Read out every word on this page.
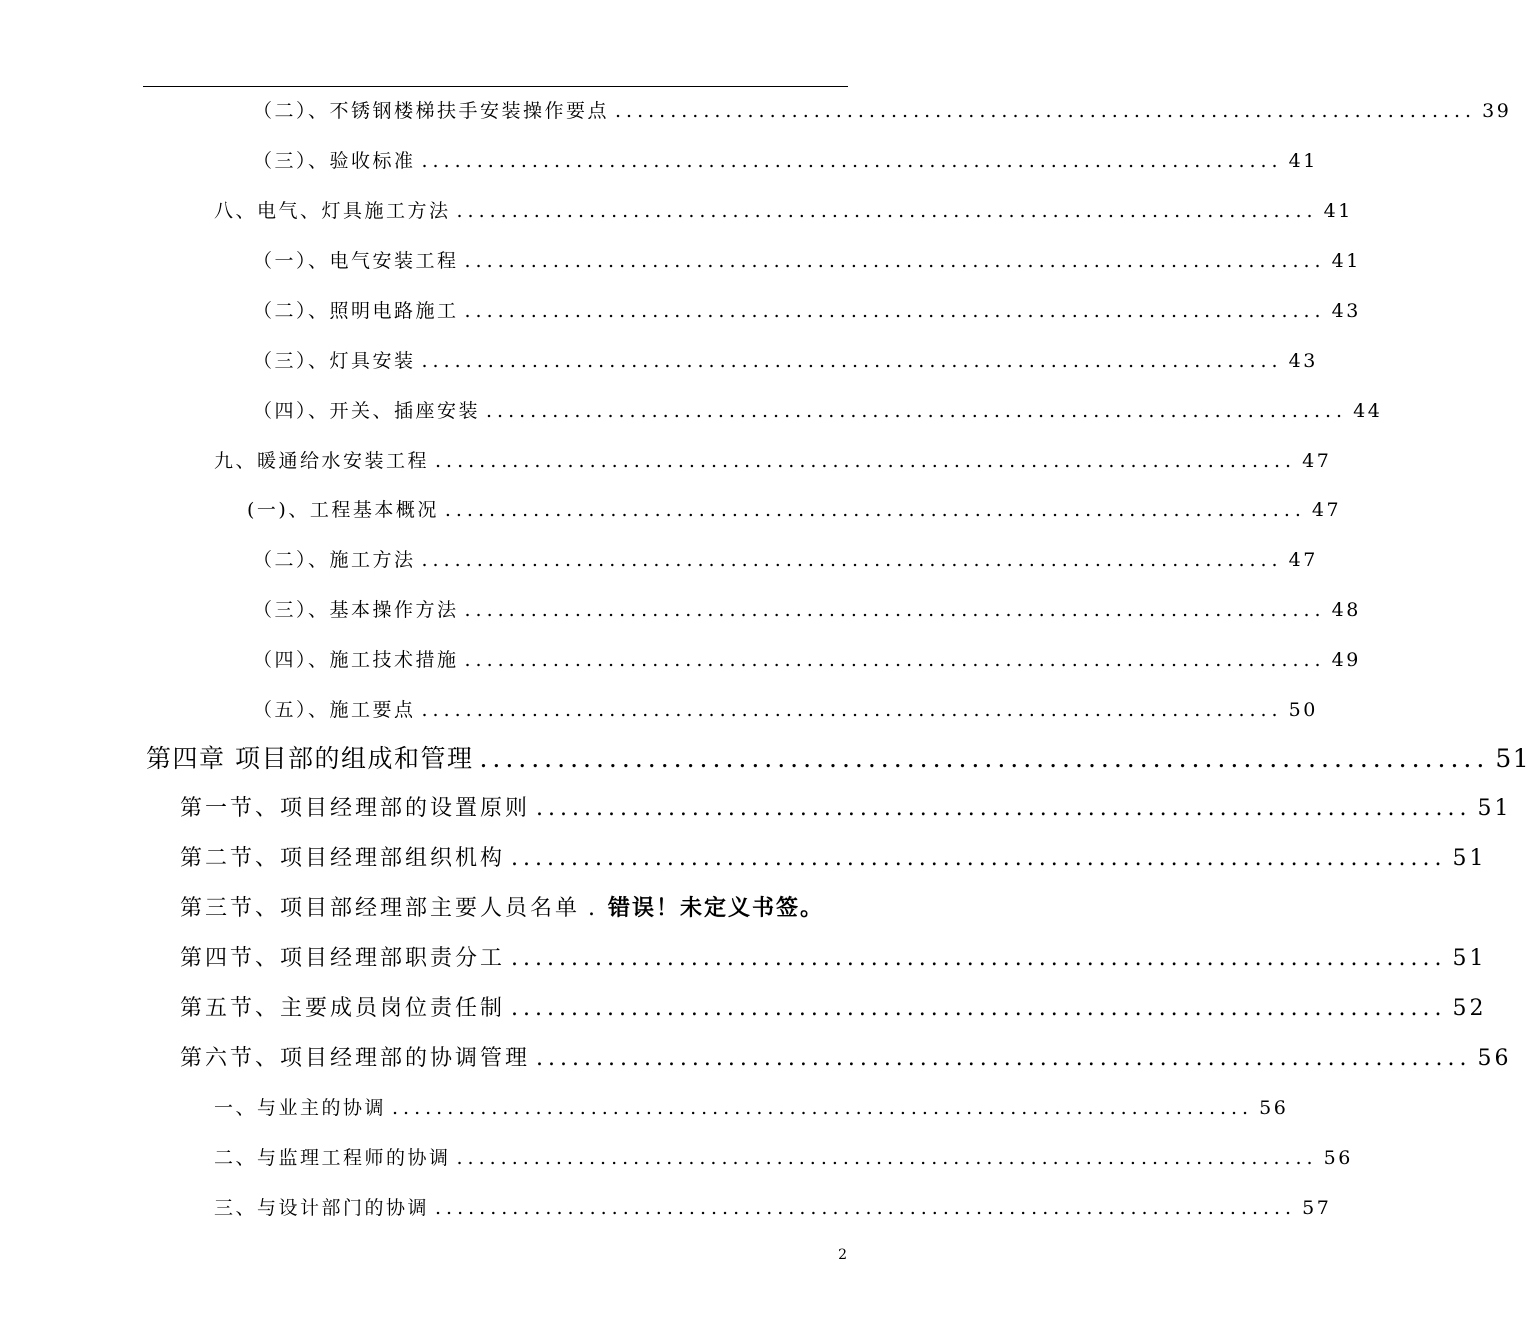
（二）、不锈钢楼梯扶手安装操作要点 .............................................................................. 39
（三）、验收标准 .............................................................................. 41
八、电气、灯具施工方法 .............................................................................. 41
（一）、电气安装工程 .............................................................................. 41
（二）、照明电路施工 .............................................................................. 43
（三）、灯具安装 .............................................................................. 43
（四）、开关、插座安装 .............................................................................. 44
九、暖通给水安装工程 .............................................................................. 47
(一)、工程基本概况 .............................................................................. 47
（二）、施工方法 .............................................................................. 47
（三）、基本操作方法 .............................................................................. 48
（四）、施工技术措施 .............................................................................. 49
（五）、施工要点 .............................................................................. 50
第四章 项目部的组成和管理 .............................................................................. 51
第一节、项目经理部的设置原则 .............................................................................. 51
第二节、项目经理部组织机构 .............................................................................. 51
第三节、项目部经理部主要人员名单 . 错误！未定义书签。
第四节、项目经理部职责分工 .............................................................................. 51
第五节、主要成员岗位责任制 .............................................................................. 52
第六节、项目经理部的协调管理 .............................................................................. 56
一、与业主的协调 .............................................................................. 56
二、与监理工程师的协调 .............................................................................. 56
三、与设计部门的协调 .............................................................................. 57
2
